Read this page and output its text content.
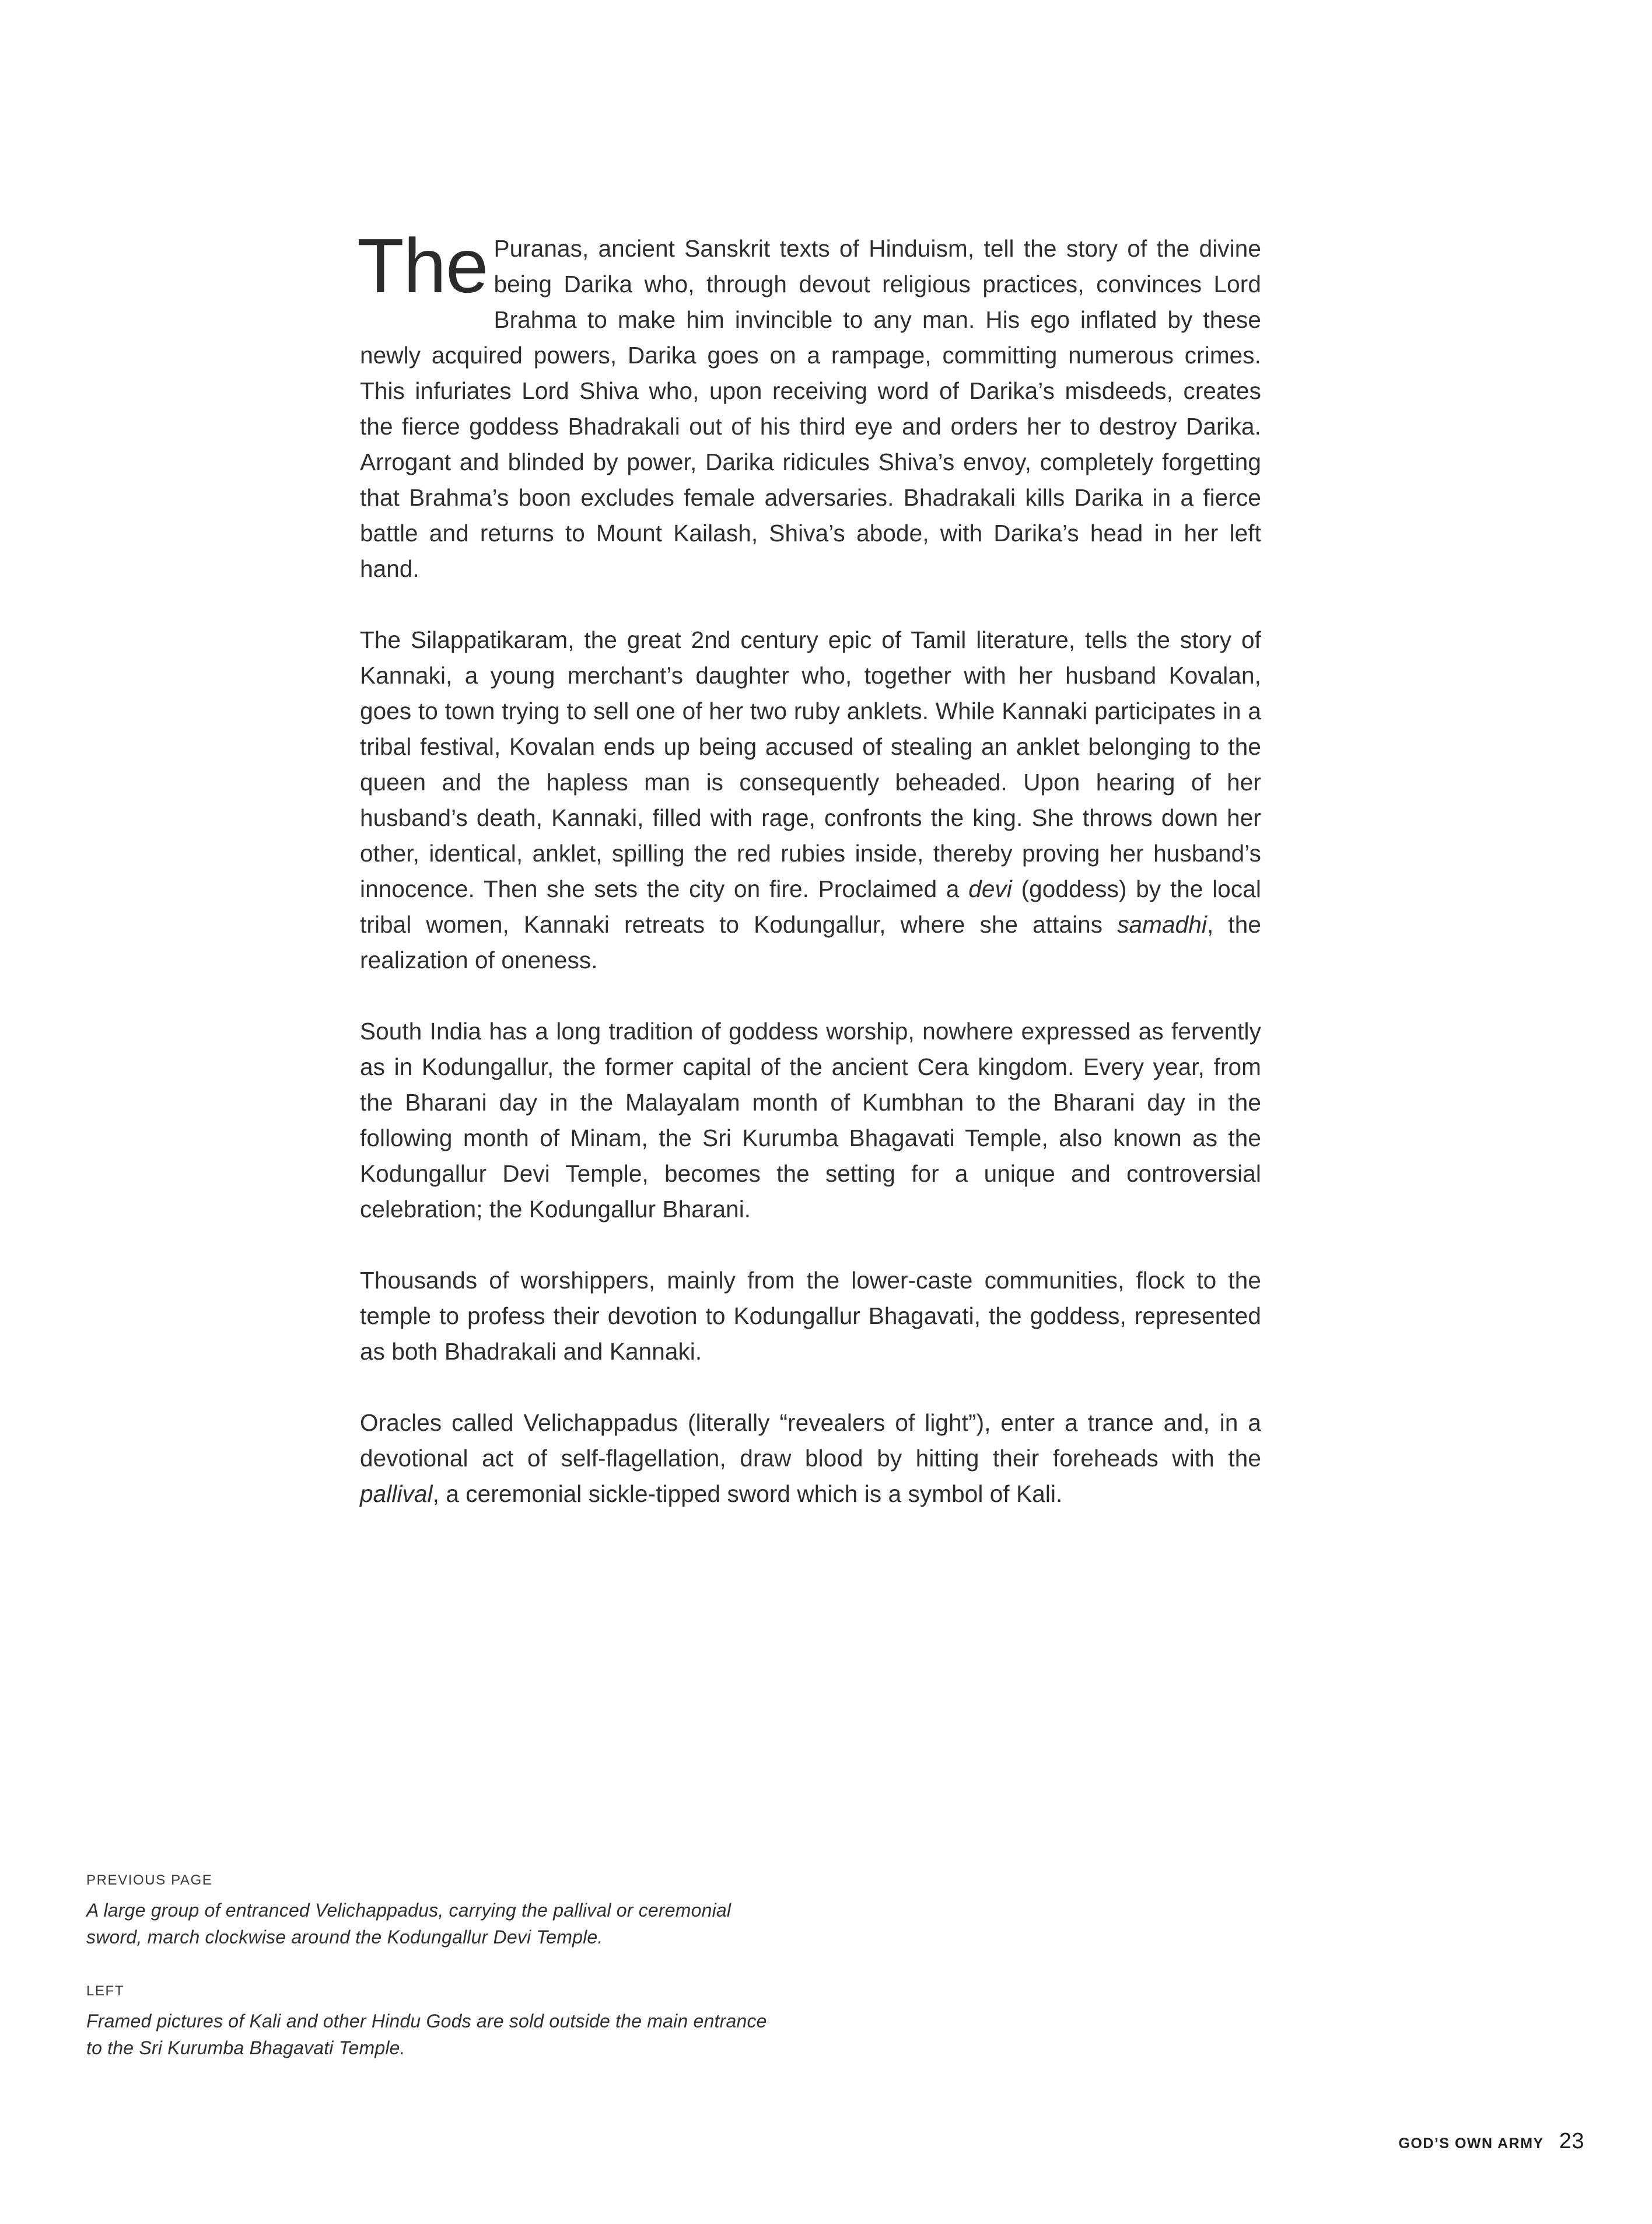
The Puranas, ancient Sanskrit texts of Hinduism, tell the story of the divine being Darika who, through devout religious practices, convinces Lord Brahma to make him invincible to any man. His ego inflated by these newly acquired powers, Darika goes on a rampage, committing numerous crimes. This infuriates Lord Shiva who, upon receiving word of Darika’s misdeeds, creates the fierce goddess Bhadrakali out of his third eye and orders her to destroy Darika. Arrogant and blinded by power, Darika ridicules Shiva’s envoy, completely forgetting that Brahma’s boon excludes female adversaries. Bhadrakali kills Darika in a fierce battle and returns to Mount Kailash, Shiva’s abode, with Darika’s head in her left hand.

The Silappatikaram, the great 2nd century epic of Tamil literature, tells the story of Kannaki, a young merchant’s daughter who, together with her husband Kovalan, goes to town trying to sell one of her two ruby anklets. While Kannaki participates in a tribal festival, Kovalan ends up being accused of stealing an anklet belonging to the queen and the hapless man is consequently beheaded. Upon hearing of her husband’s death, Kannaki, filled with rage, confronts the king. She throws down her other, identical, anklet, spilling the red rubies inside, thereby proving her husband’s innocence. Then she sets the city on fire. Proclaimed a devi (goddess) by the local tribal women, Kannaki retreats to Kodungallur, where she attains samadhi, the realization of oneness.

South India has a long tradition of goddess worship, nowhere expressed as fervently as in Kodungallur, the former capital of the ancient Cera kingdom. Every year, from the Bharani day in the Malayalam month of Kumbhan to the Bharani day in the following month of Minam, the Sri Kurumba Bhagavati Temple, also known as the Kodungallur Devi Temple, becomes the setting for a unique and controversial celebration; the Kodungallur Bharani.

Thousands of worshippers, mainly from the lower-caste communities, flock to the temple to profess their devotion to Kodungallur Bhagavati, the goddess, represented as both Bhadrakali and Kannaki.

Oracles called Velichappadus (literally “revealers of light”), enter a trance and, in a devotional act of self-flagellation, draw blood by hitting their foreheads with the pallival, a ceremonial sickle-tipped sword which is a symbol of Kali.

PREVIOUS PAGE
A large group of entranced Velichappadus, carrying the pallival or ceremonial sword, march clockwise around the Kodungallur Devi Temple.
LEFT
Framed pictures of Kali and other Hindu Gods are sold outside the main entrance to the Sri Kurumba Bhagavati Temple.
GOD’S OWN ARMY 23
